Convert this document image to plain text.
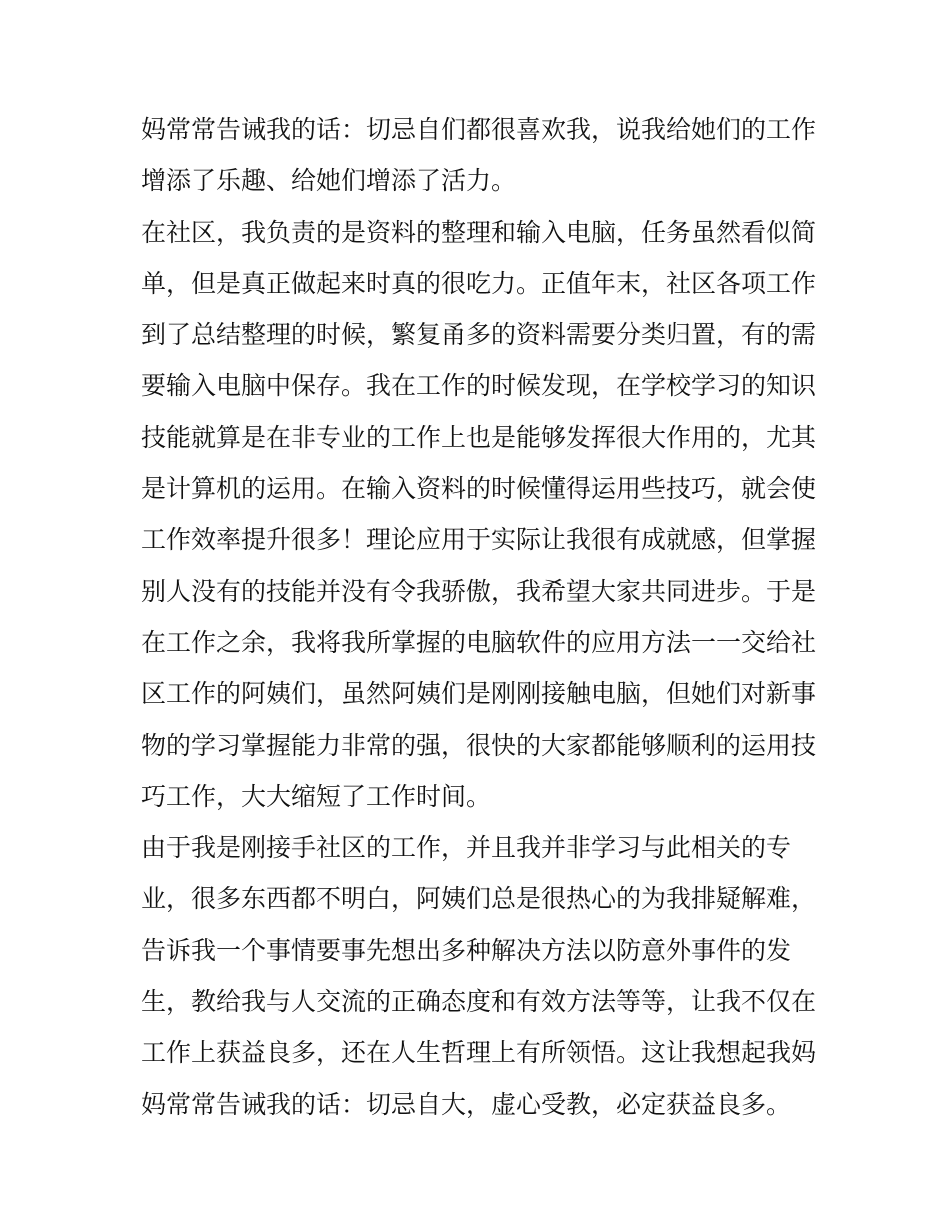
妈常常告诫我的话：切忌自们都很喜欢我，说我给她们的工作
增添了乐趣、给她们增添了活力。
在社区，我负责的是资料的整理和输入电脑，任务虽然看似简
单，但是真正做起来时真的很吃力。正值年末，社区各项工作
到了总结整理的时候，繁复甬多的资料需要分类归置，有的需
要输入电脑中保存。我在工作的时候发现，在学校学习的知识
技能就算是在非专业的工作上也是能够发挥很大作用的，尤其
是计算机的运用。在输入资料的时候懂得运用些技巧，就会使
工作效率提升很多！理论应用于实际让我很有成就感，但掌握
别人没有的技能并没有令我骄傲，我希望大家共同进步。于是
在工作之余，我将我所掌握的电脑软件的应用方法一一交给社
区工作的阿姨们，虽然阿姨们是刚刚接触电脑，但她们对新事
物的学习掌握能力非常的强，很快的大家都能够顺利的运用技
巧工作，大大缩短了工作时间。
由于我是刚接手社区的工作，并且我并非学习与此相关的专
业，很多东西都不明白，阿姨们总是很热心的为我排疑解难，
告诉我一个事情要事先想出多种解决方法以防意外事件的发
生，教给我与人交流的正确态度和有效方法等等，让我不仅在
工作上获益良多，还在人生哲理上有所领悟。这让我想起我妈
妈常常告诫我的话：切忌自大，虚心受教，必定获益良多。
